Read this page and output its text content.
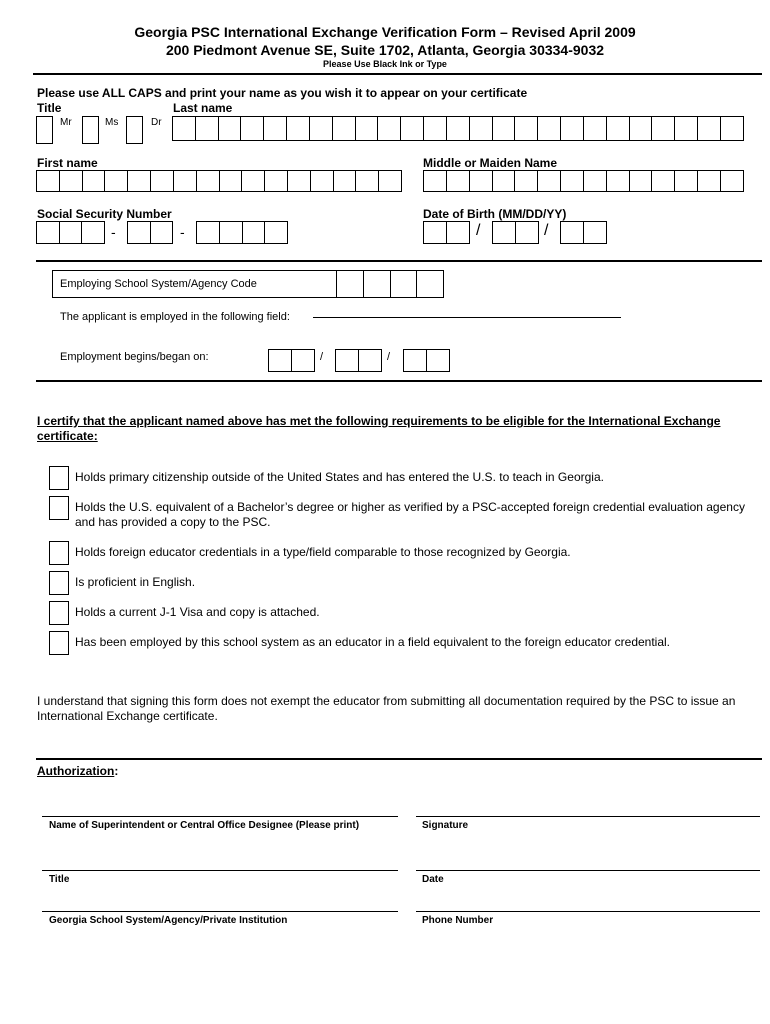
Georgia PSC International Exchange Verification Form – Revised April 2009
200 Piedmont Avenue SE, Suite 1702, Atlanta, Georgia 30334-9032
Please Use Black Ink or Type
Please use ALL CAPS and print your name as you wish it to appear on your certificate
Title	Last name
Mr	Ms	Dr
First name	Middle or Maiden Name
Social Security Number	Date of Birth (MM/DD/YY)
-	-	/	/
Employing School System/Agency Code
The applicant is employed in the following field:
Employment begins/began on:	/	/
I certify that the applicant named above has met the following requirements to be eligible for the International Exchange certificate:
Holds primary citizenship outside of the United States and has entered the U.S. to teach in Georgia.
Holds the U.S. equivalent of a Bachelor’s degree or higher as verified by a PSC-accepted foreign credential evaluation agency and has provided a copy to the PSC.
Holds foreign educator credentials in a type/field comparable to those recognized by Georgia.
Is proficient in English.
Holds a current J-1 Visa and copy is attached.
Has been employed by this school system as an educator in a field equivalent to the foreign educator credential.
I understand that signing this form does not exempt the educator from submitting all documentation required by the PSC to issue an International Exchange certificate.
Authorization:
Name of Superintendent or Central Office Designee (Please print)	Signature
Title	Date
Georgia School System/Agency/Private Institution	Phone Number
